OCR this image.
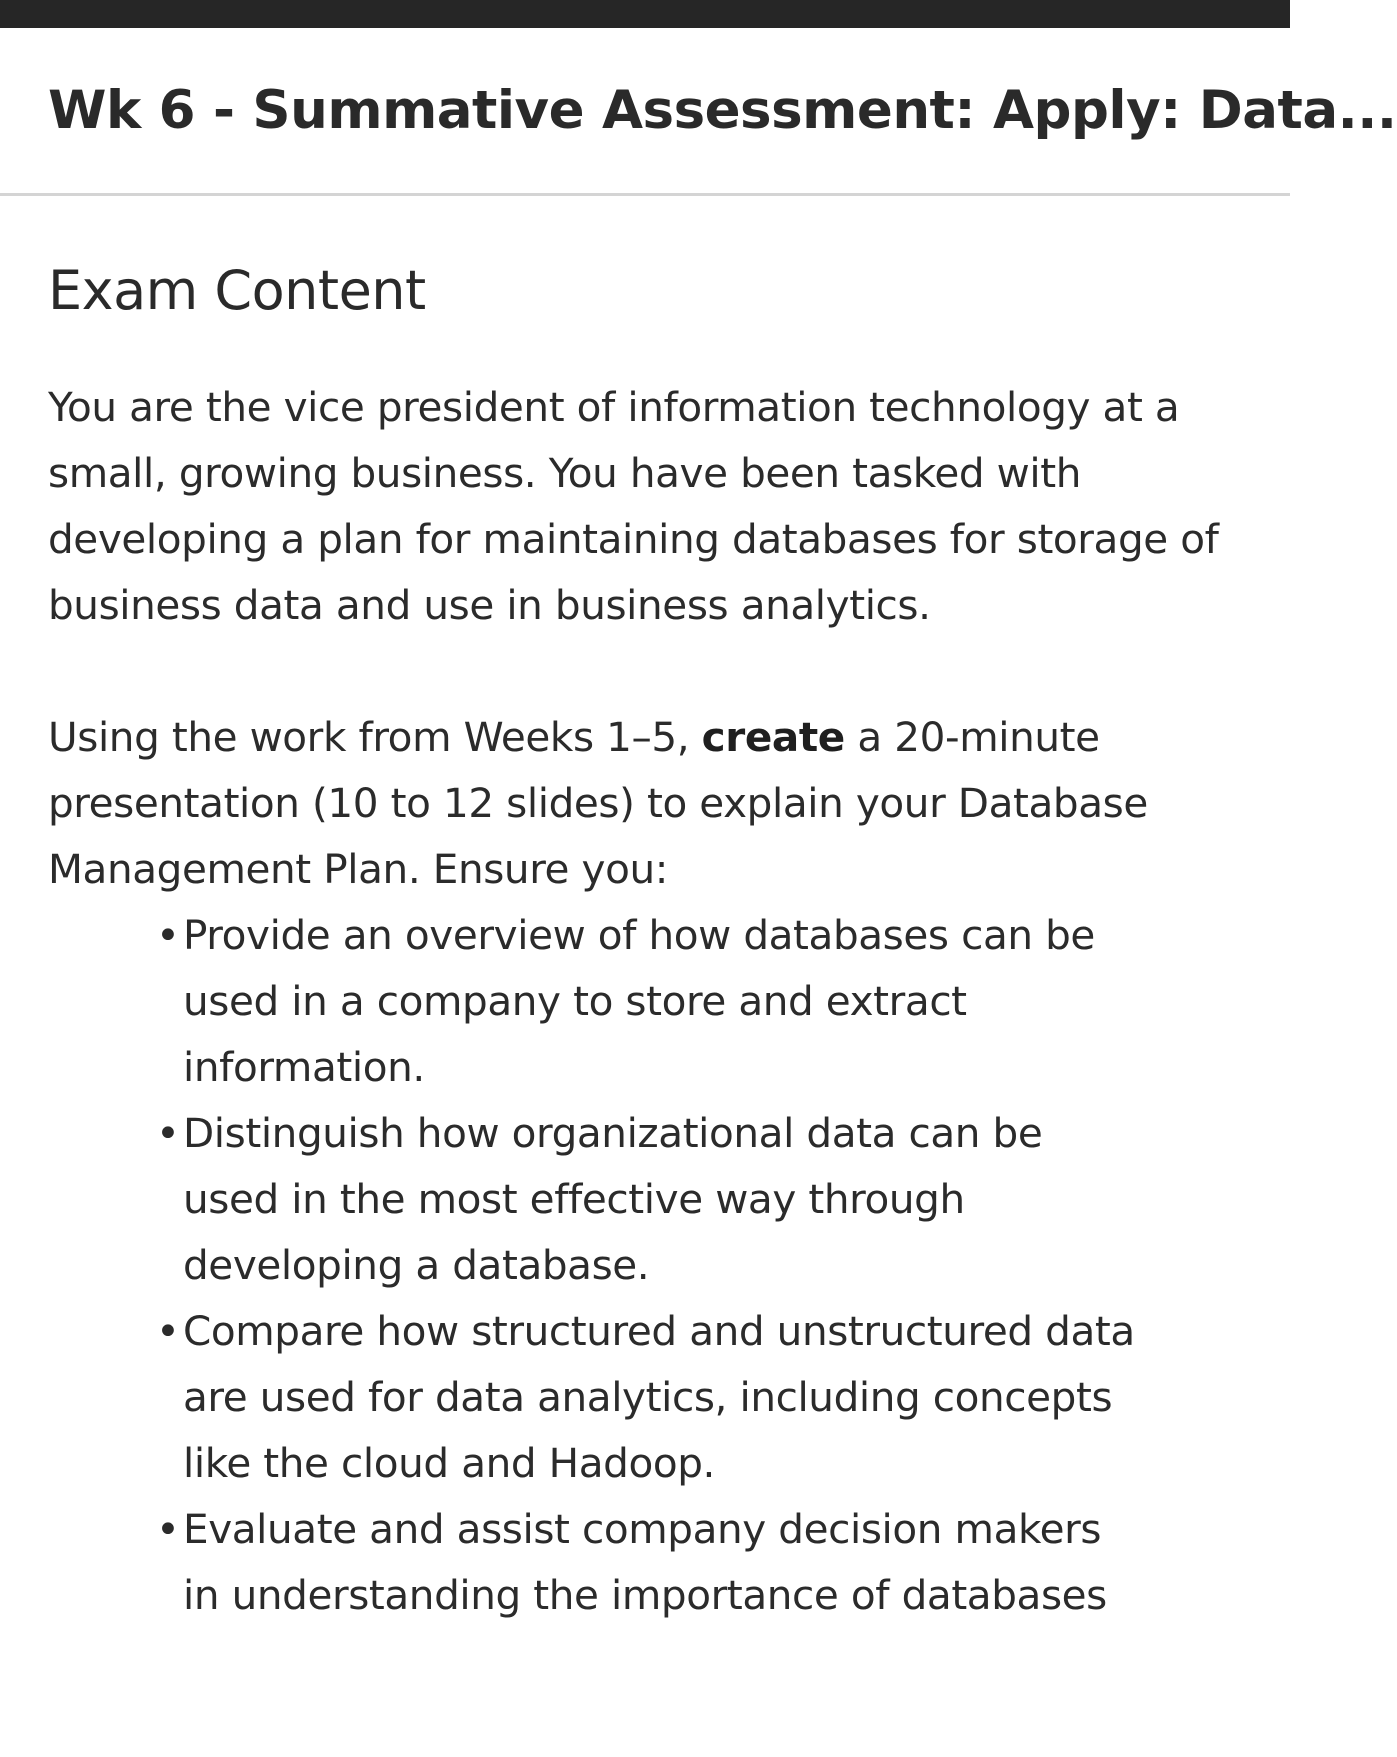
Wk 6 - Summative Assessment: Apply: Data...
Exam Content

You are the vice president of information technology at a small, growing business. You have been tasked with developing a plan for maintaining databases for storage of business data and use in business analytics.

Using the work from Weeks 1–5, create a 20-minute presentation (10 to 12 slides) to explain your Database Management Plan. Ensure you:

• Provide an overview of how databases can be used in a company to store and extract information.
• Distinguish how organizational data can be used in the most effective way through developing a database.
• Compare how structured and unstructured data are used for data analytics, including concepts like the cloud and Hadoop.
• Evaluate and assist company decision makers in understanding the importance of databases
